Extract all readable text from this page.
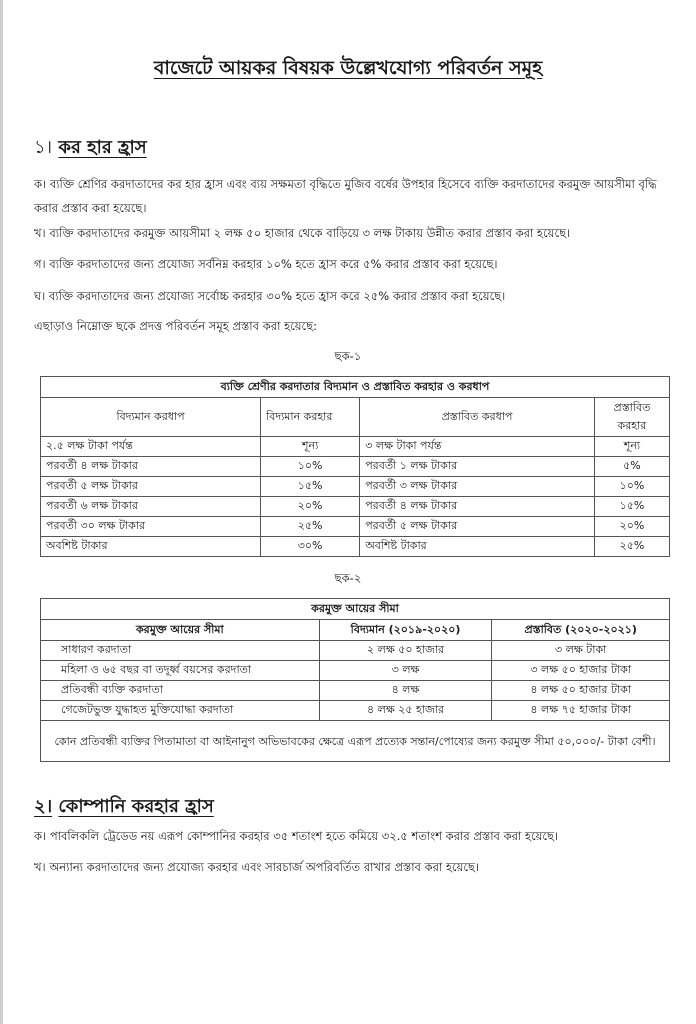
বাজেটে আয়কর বিষয়ক উল্লেখযোগ্য পরিবর্তন সমূহ
১। কর হার হ্রাস
ক। ব্যক্তি শ্রেণির করদাতাদের কর হার হ্রাস এবং ব্যয় সক্ষমতা বৃদ্ধিতে মুজিব বর্ষের উপহার হিসেবে ব্যক্তি করদাতাদের করমুক্ত আয়সীমা বৃদ্ধি করার প্রস্তাব করা হয়েছে।
খ। ব্যক্তি করদাতাদের করমুক্ত আয়সীমা ২ লক্ষ ৫০ হাজার থেকে বাড়িয়ে ৩ লক্ষ টাকায় উন্নীত করার প্রস্তাব করা হয়েছে।
গ। ব্যক্তি করদাতাদের জন্য প্রযোজ্য সর্বনিম্ন করহার ১০% হতে হ্রাস করে ৫% করার প্রস্তাব করা হয়েছে।
ঘ। ব্যক্তি করদাতাদের জন্য প্রযোজ্য সর্বোচ্চ করহার ৩০% হতে হ্রাস করে ২৫% করার প্রস্তাব করা হয়েছে।
এছাড়াও নিম্নোক্ত ছকে প্রদত্ত পরিবর্তন সমূহ প্রস্তাব করা হয়েছে:
ছক-১
ব্যক্তি শ্রেণীর করদাতার বিদ্যমান ও প্রস্তাবিত করহার ও করধাপ			
বিদ্যমান করধাপ	বিদ্যমান করহার	প্রস্তাবিত করধাপ	প্রস্তাবিত করহার
২.৫ লক্ষ টাকা পর্যন্ত	শূন্য	৩ লক্ষ টাকা পর্যন্ত	শূন্য
পরবর্তী ৪ লক্ষ টাকার	১০%	পরবর্তী ১ লক্ষ টাকার	৫%
পরবর্তী ৫ লক্ষ টাকার	১৫%	পরবর্তী ৩ লক্ষ টাকার	১০%
পরবর্তী ৬ লক্ষ টাকার	২০%	পরবর্তী ৪ লক্ষ টাকার	১৫%
পরবর্তী ৩০ লক্ষ টাকার	২৫%	পরবর্তী ৫ লক্ষ টাকার	২০%
অবশিষ্ট টাকার	৩০%	অবশিষ্ট টাকার	২৫%
ছক-২
করমুক্ত আয়ের সীমা		
করমুক্ত আয়ের সীমা	বিদ্যমান (২০১৯-২০২০)	প্রস্তাবিত (২০২০-২০২১)
সাধারণ করদাতা	২ লক্ষ ৫০ হাজার	৩ লক্ষ টাকা
মহিলা ও ৬৫ বছর বা তদূর্ধ্ব বয়সের করদাতা	৩ লক্ষ	৩ লক্ষ ৫০ হাজার টাকা
প্রতিবন্ধী ব্যক্তি করদাতা	৪ লক্ষ	৪ লক্ষ ৫০ হাজার টাকা
গেজেটভুক্ত যুদ্ধাহত মুক্তিযোদ্ধা করদাতা	৪ লক্ষ ২৫ হাজার	৪ লক্ষ ৭৫ হাজার টাকা
কোন প্রতিবন্ধী ব্যক্তির পিতামাতা বা আইনানুগ অভিভাবকের ক্ষেত্রে এরূপ প্রত্যেক সন্তান/পোষ্যের জন্য করমুক্ত সীমা ৫০,০০০/- টাকা বেশী।		
২। কোম্পানি করহার হ্রাস
ক। পাবলিকলি ট্রেডেড নয় এরূপ কোম্পানির করহার ৩৫ শতাংশ হতে কমিয়ে ৩২.৫ শতাংশ করার প্রস্তাব করা হয়েছে।
খ। অন্যান্য করদাতাদের জন্য প্রযোজ্য করহার এবং সারচার্জ অপরিবর্তিত রাখার প্রস্তাব করা হয়েছে।
